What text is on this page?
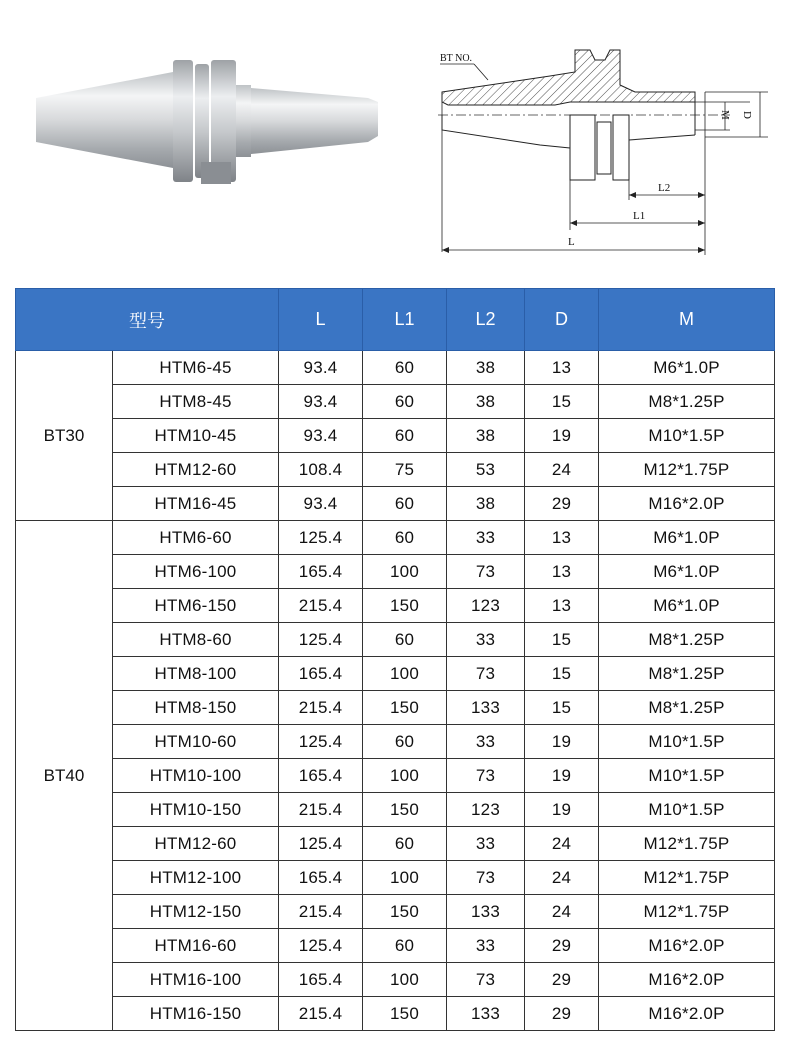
L2
L1
L
M D
BT NO.
型号		L	L1	L2	D	M
BT30	HTM6-45	93.4	60	38	13	M6*1.0P
	HTM8-45	93.4	60	38	15	M8*1.25P
	HTM10-45	93.4	60	38	19	M10*1.5P
	HTM12-60	108.4	75	53	24	M12*1.75P
	HTM16-45	93.4	60	38	29	M16*2.0P
BT40	HTM6-60	125.4	60	33	13	M6*1.0P
	HTM6-100	165.4	100	73	13	M6*1.0P
	HTM6-150	215.4	150	123	13	M6*1.0P
	HTM8-60	125.4	60	33	15	M8*1.25P
	HTM8-100	165.4	100	73	15	M8*1.25P
	HTM8-150	215.4	150	133	15	M8*1.25P
	HTM10-60	125.4	60	33	19	M10*1.5P
	HTM10-100	165.4	100	73	19	M10*1.5P
	HTM10-150	215.4	150	123	19	M10*1.5P
	HTM12-60	125.4	60	33	24	M12*1.75P
	HTM12-100	165.4	100	73	24	M12*1.75P
	HTM12-150	215.4	150	133	24	M12*1.75P
	HTM16-60	125.4	60	33	29	M16*2.0P
	HTM16-100	165.4	100	73	29	M16*2.0P
	HTM16-150	215.4	150	133	29	M16*2.0P
